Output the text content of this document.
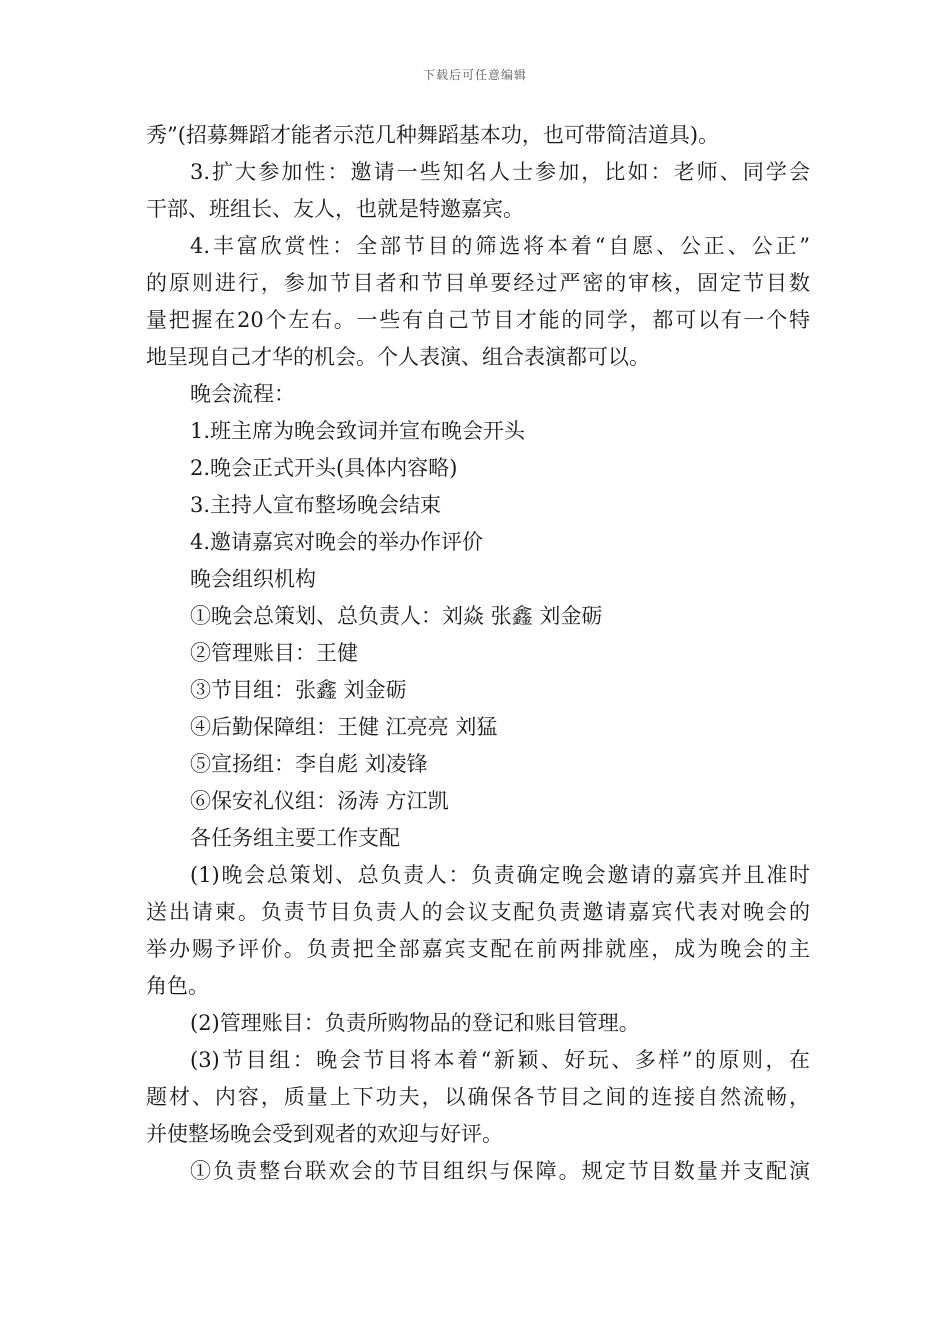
下载后可任意编辑
秀”(招募舞蹈才能者示范几种舞蹈基本功，也可带简洁道具)。
3.扩大参加性：邀请一些知名人士参加，比如：老师、同学会
干部、班组长、友人，也就是特邀嘉宾。
4.丰富欣赏性：全部节目的筛选将本着“自愿、公正、公正”
的原则进行，参加节目者和节目单要经过严密的审核，固定节目数
量把握在20个左右。一些有自己节目才能的同学，都可以有一个特
地呈现自己才华的机会。个人表演、组合表演都可以。
晚会流程：
1.班主席为晚会致词并宣布晚会开头
2.晚会正式开头(具体内容略)
3.主持人宣布整场晚会结束
4.邀请嘉宾对晚会的举办作评价
晚会组织机构
①晚会总策划、总负责人：刘焱 张鑫 刘金砺
②管理账目：王健
③节目组：张鑫 刘金砺
④后勤保障组：王健 江亮亮 刘猛
⑤宣扬组：李自彪 刘凌锋
⑥保安礼仪组：汤涛 方江凯
各任务组主要工作支配
(1)晚会总策划、总负责人：负责确定晚会邀请的嘉宾并且准时
送出请柬。负责节目负责人的会议支配负责邀请嘉宾代表对晚会的
举办赐予评价。负责把全部嘉宾支配在前两排就座，成为晚会的主
角色。
(2)管理账目：负责所购物品的登记和账目管理。
(3)节目组：晚会节目将本着“新颖、好玩、多样”的原则，在
题材、内容，质量上下功夫，以确保各节目之间的连接自然流畅，
并使整场晚会受到观者的欢迎与好评。
①负责整台联欢会的节目组织与保障。规定节目数量并支配演
